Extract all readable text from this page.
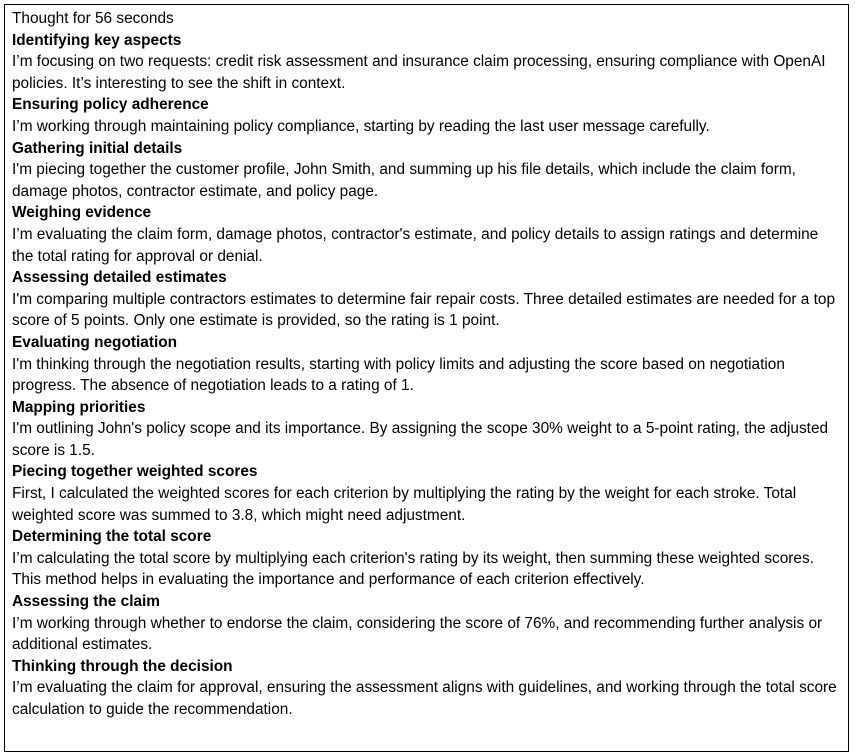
Thought for 56 seconds

Identifying key aspects

I’m focusing on two requests: credit risk assessment and insurance claim processing, ensuring compliance with OpenAI policies. It’s interesting to see the shift in context.

Ensuring policy adherence

I’m working through maintaining policy compliance, starting by reading the last user message carefully.

Gathering initial details

I'm piecing together the customer profile, John Smith, and summing up his file details, which include the claim form, damage photos, contractor estimate, and policy page.

Weighing evidence

I’m evaluating the claim form, damage photos, contractor's estimate, and policy details to assign ratings and determine the total rating for approval or denial.

Assessing detailed estimates

I'm comparing multiple contractors estimates to determine fair repair costs. Three detailed estimates are needed for a top score of 5 points. Only one estimate is provided, so the rating is 1 point.

Evaluating negotiation

I'm thinking through the negotiation results, starting with policy limits and adjusting the score based on negotiation progress. The absence of negotiation leads to a rating of 1.

Mapping priorities

I'm outlining John's policy scope and its importance. By assigning the scope 30% weight to a 5-point rating, the adjusted score is 1.5.

Piecing together weighted scores

First, I calculated the weighted scores for each criterion by multiplying the rating by the weight for each stroke. Total weighted score was summed to 3.8, which might need adjustment.

Determining the total score

I’m calculating the total score by multiplying each criterion's rating by its weight, then summing these weighted scores. This method helps in evaluating the importance and performance of each criterion effectively.

Assessing the claim

I’m working through whether to endorse the claim, considering the score of 76%, and recommending further analysis or additional estimates.

Thinking through the decision

I’m evaluating the claim for approval, ensuring the assessment aligns with guidelines, and working through the total score calculation to guide the recommendation.
